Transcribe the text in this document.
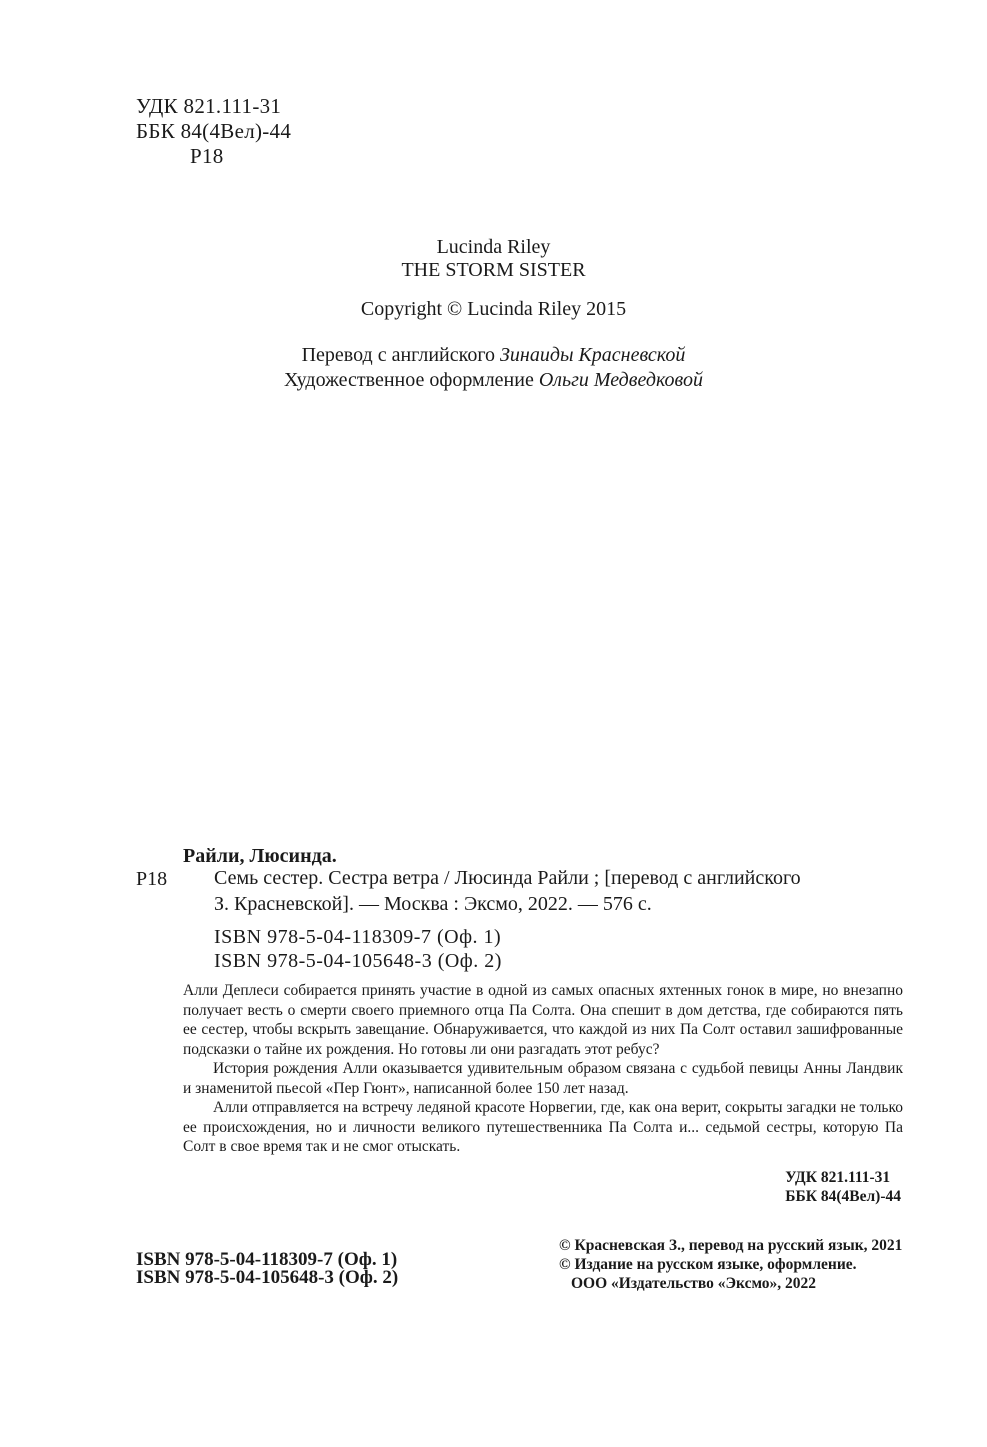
УДК 821.111-31
ББК 84(4Вел)-44
Р18
Lucinda Riley
THE STORM SISTER
Copyright © Lucinda Riley 2015
Перевод с английского Зинаиды Красневской
Художественное оформление Ольги Медведковой
Райли, Люсинда.
Р18 Семь сестер. Сестра ветра / Люсинда Райли ; [перевод с английского
З. Красневской]. — Москва : Эксмо, 2022. — 576 с.
ISBN 978-5-04-118309-7 (Оф. 1)
ISBN 978-5-04-105648-3 (Оф. 2)

Алли Деплеси собирается принять участие в одной из самых опасных яхтенных гонок в мире, но внезапно получает весть о смерти своего приемного отца Па Солта. Она спешит в дом детства, где собираются пять ее сестер, чтобы вскрыть завещание. Обнаруживается, что каждой из них Па Солт оставил зашифрованные подсказки о тайне их рождения. Но готовы ли они разгадать этот ребус?

История рождения Алли оказывается удивительным образом связана с судьбой певицы Анны Ландвик и знаменитой пьесой «Пер Гюнт», написанной более 150 лет назад.

Алли отправляется на встречу ледяной красоте Норвегии, где, как она верит, сокрыты загадки не только ее происхождения, но и личности великого путешественника Па Солта и... седьмой сестры, которую Па Солт в свое время так и не смог отыскать.

УДК 821.111-31
ББК 84(4Вел)-44
ISBN 978-5-04-118309-7 (Оф. 1)
ISBN 978-5-04-105648-3 (Оф. 2)
© Красневская З., перевод на русский язык, 2021
© Издание на русском языке, оформление.
ООО «Издательство «Эксмо», 2022
